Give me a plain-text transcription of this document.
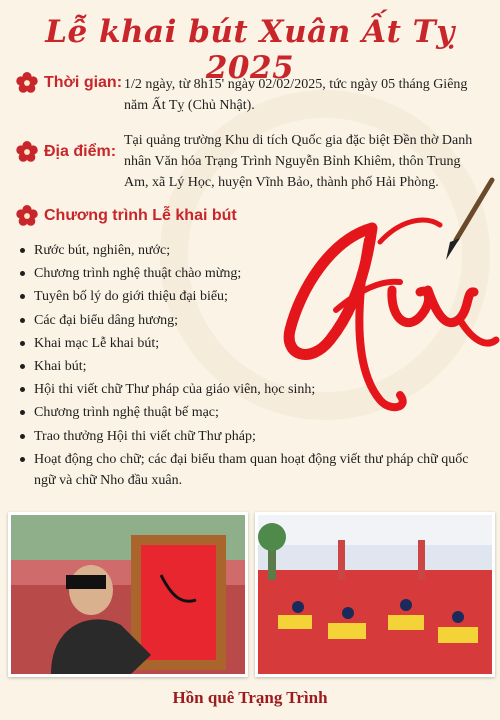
Lễ khai bút Xuân Ất Tỵ 2025
Thời gian: 1/2 ngày, từ 8h15' ngày 02/02/2025, tức ngày 05 tháng Giêng năm Ất Tỵ (Chủ Nhật).

Địa điểm:

Tại quảng trường Khu di tích Quốc gia đặc biệt Đền thờ Danh nhân Văn hóa Trạng Trình Nguyễn Bỉnh Khiêm, thôn Trung Am, xã Lý Học, huyện Vĩnh Bảo, thành phố Hải Phòng.

Chương trình Lễ khai bút
Rước bút, nghiên, nước;
Chương trình nghệ thuật chào mừng;
Tuyên bố lý do giới thiệu đại biểu;
Các đại biểu dâng hương;
Khai mạc Lễ khai bút;
Khai bút;
Hội thi viết chữ Thư pháp của giáo viên, học sinh;
Chương trình nghệ thuật bế mạc;
Trao thưởng Hội thi viết chữ Thư pháp;
Hoạt động cho chữ; các đại biểu tham quan hoạt động viết thư pháp chữ quốc ngữ và chữ Nho đầu xuân.
Hồn quê Trạng Trình
